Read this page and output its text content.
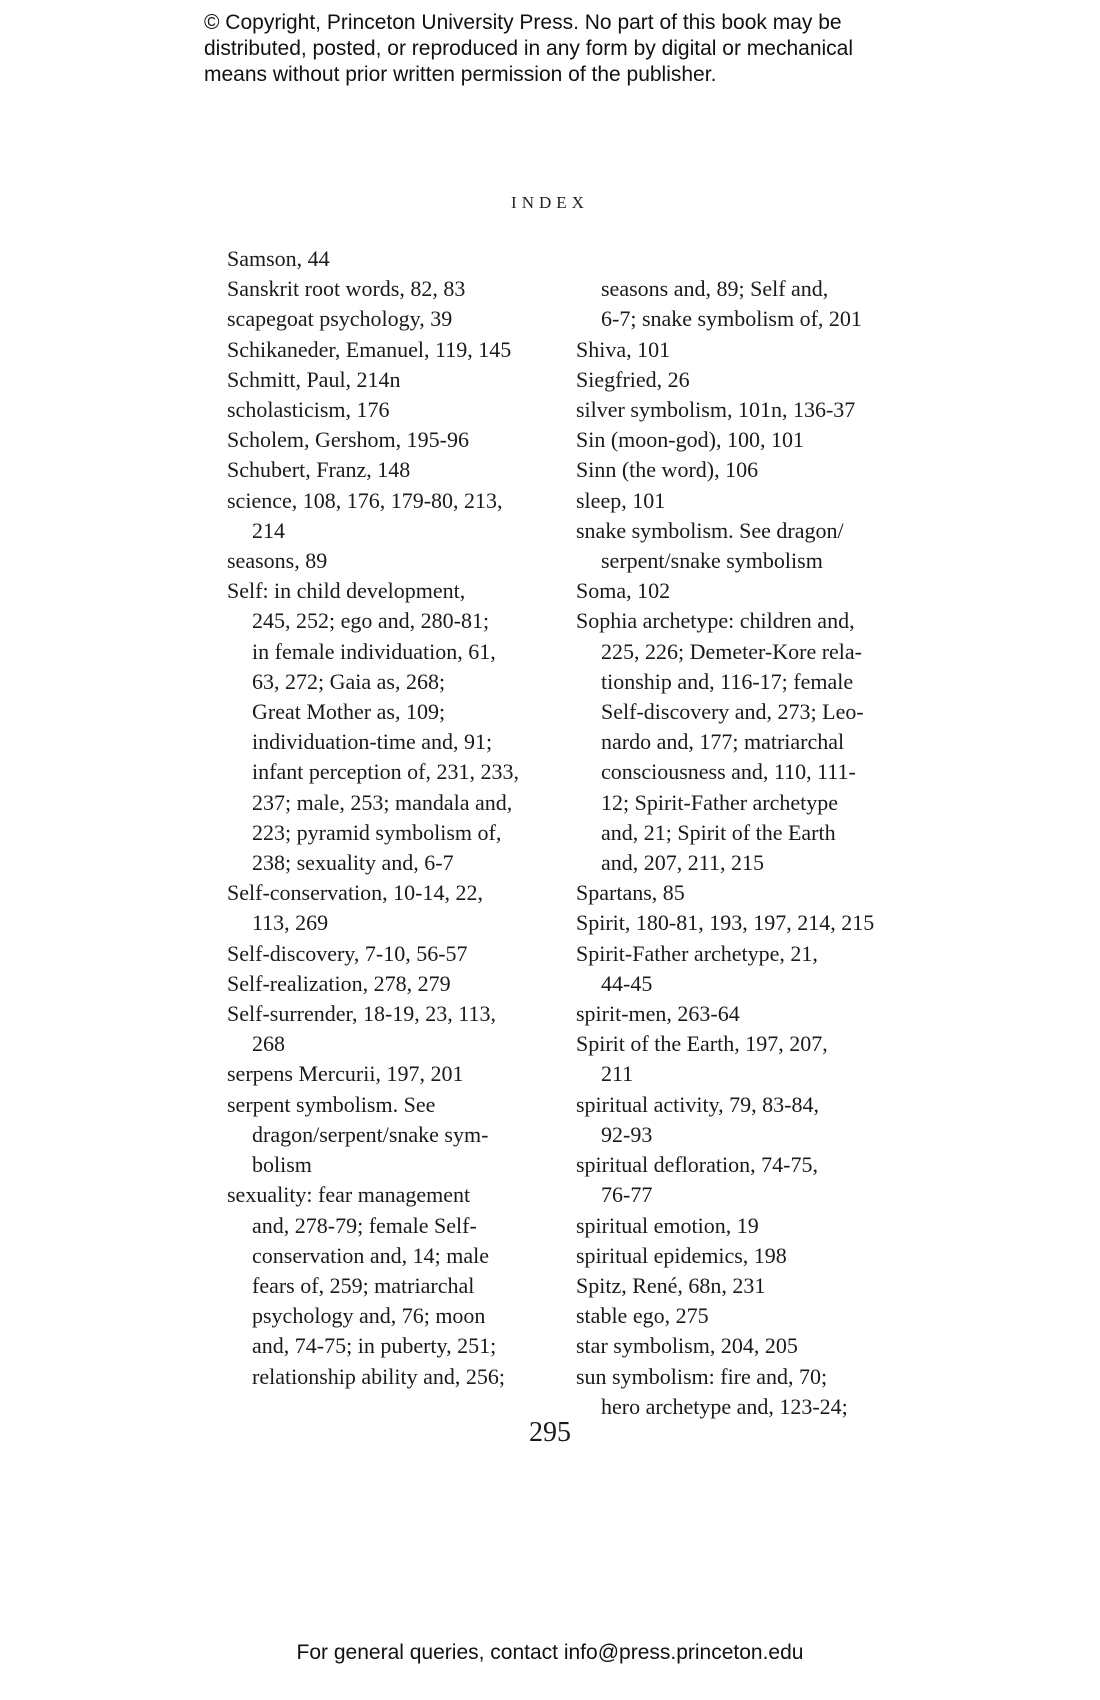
© Copyright, Princeton University Press. No part of this book may be
distributed, posted, or reproduced in any form by digital or mechanical
means without prior written permission of the publisher.
INDEX
Samson, 44
Sanskrit root words, 82, 83
scapegoat psychology, 39
Schikaneder, Emanuel, 119, 145
Schmitt, Paul, 214n
scholasticism, 176
Scholem, Gershom, 195-96
Schubert, Franz, 148
science, 108, 176, 179-80, 213,
214
seasons, 89
Self: in child development,
245, 252; ego and, 280-81;
in female individuation, 61,
63, 272; Gaia as, 268;
Great Mother as, 109;
individuation-time and, 91;
infant perception of, 231, 233,
237; male, 253; mandala and,
223; pyramid symbolism of,
238; sexuality and, 6-7
Self-conservation, 10-14, 22,
113, 269
Self-discovery, 7-10, 56-57
Self-realization, 278, 279
Self-surrender, 18-19, 23, 113,
268
serpens Mercurii, 197, 201
serpent symbolism. See
dragon/serpent/snake sym-
bolism
sexuality: fear management
and, 278-79; female Self-
conservation and, 14; male
fears of, 259; matriarchal
psychology and, 76; moon
and, 74-75; in puberty, 251;
relationship ability and, 256;

seasons and, 89; Self and,
6-7; snake symbolism of, 201
Shiva, 101
Siegfried, 26
silver symbolism, 101n, 136-37
Sin (moon-god), 100, 101
Sinn (the word), 106
sleep, 101
snake symbolism. See dragon/
serpent/snake symbolism
Soma, 102
Sophia archetype: children and,
225, 226; Demeter-Kore rela-
tionship and, 116-17; female
Self-discovery and, 273; Leo-
nardo and, 177; matriarchal
consciousness and, 110, 111-
12; Spirit-Father archetype
and, 21; Spirit of the Earth
and, 207, 211, 215
Spartans, 85
Spirit, 180-81, 193, 197, 214, 215
Spirit-Father archetype, 21,
44-45
spirit-men, 263-64
Spirit of the Earth, 197, 207,
211
spiritual activity, 79, 83-84,
92-93
spiritual defloration, 74-75,
76-77
spiritual emotion, 19
spiritual epidemics, 198
Spitz, René, 68n, 231
stable ego, 275
star symbolism, 204, 205
sun symbolism: fire and, 70;
hero archetype and, 123-24;
295
For general queries, contact info@press.princeton.edu
